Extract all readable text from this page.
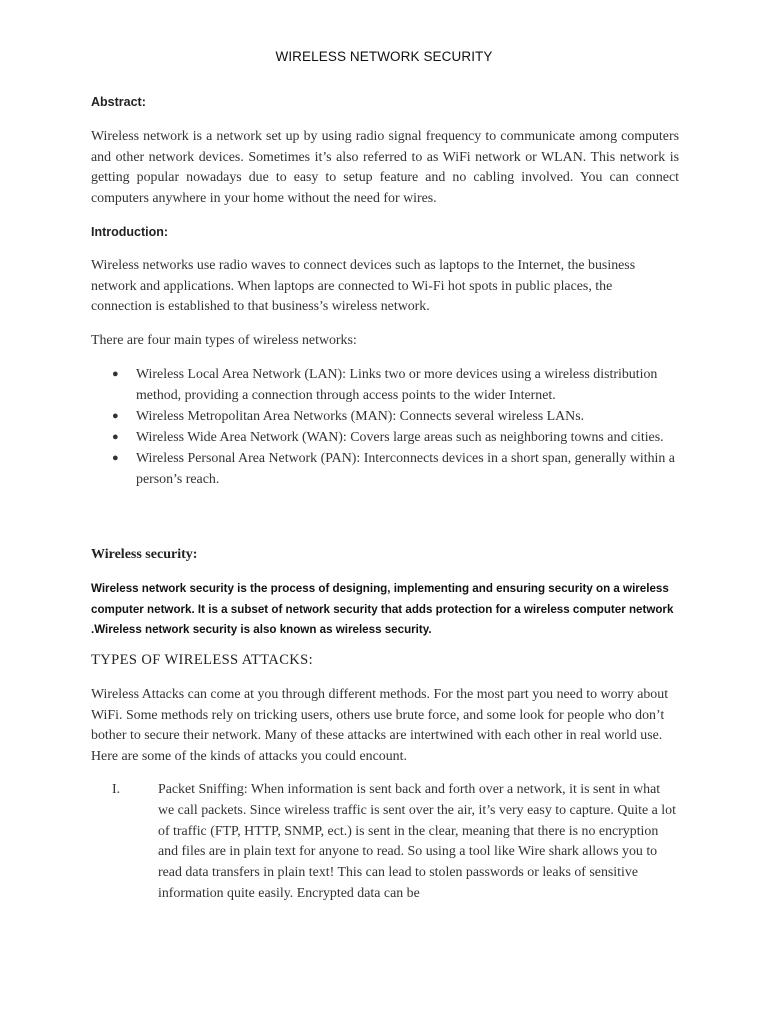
WIRELESS NETWORK SECURITY
Abstract:
Wireless network is a network set up by using radio signal frequency to communicate among computers and other network devices. Sometimes it’s also referred to as WiFi network or WLAN. This network is getting popular nowadays due to easy to setup feature and no cabling involved. You can connect computers anywhere in your home without the need for wires.
Introduction:
Wireless networks use radio waves to connect devices such as laptops to the Internet, the business network and applications. When laptops are connected to Wi-Fi hot spots in public places, the connection is established to that business’s wireless network.
There are four main types of wireless networks:
● Wireless Local Area Network (LAN): Links two or more devices using a wireless distribution method, providing a connection through access points to the wider Internet.
● Wireless Metropolitan Area Networks (MAN): Connects several wireless LANs.
● Wireless Wide Area Network (WAN): Covers large areas such as neighboring towns and cities.
● Wireless Personal Area Network (PAN): Interconnects devices in a short span, generally within a person’s reach.
Wireless security:
Wireless network security is the process of designing, implementing and ensuring security on a wireless computer network. It is a subset of network security that adds protection for a wireless computer network .Wireless network security is also known as wireless security.
TYPES OF WIRELESS ATTACKS:
Wireless Attacks can come at you through different methods. For the most part you need to worry about WiFi. Some methods rely on tricking users, others use brute force, and some look for people who don’t bother to secure their network. Many of these attacks are intertwined with each other in real world use. Here are some of the kinds of attacks you could encount.
I.	Packet Sniffing: When information is sent back and forth over a network, it is sent in what we call packets. Since wireless traffic is sent over the air, it’s very easy to capture. Quite a lot of traffic (FTP, HTTP, SNMP, ect.) is sent in the clear, meaning that there is no encryption and files are in plain text for anyone to read. So using a tool like Wire shark allows you to read data transfers in plain text! This can lead to stolen passwords or leaks of sensitive information quite easily. Encrypted data can be
